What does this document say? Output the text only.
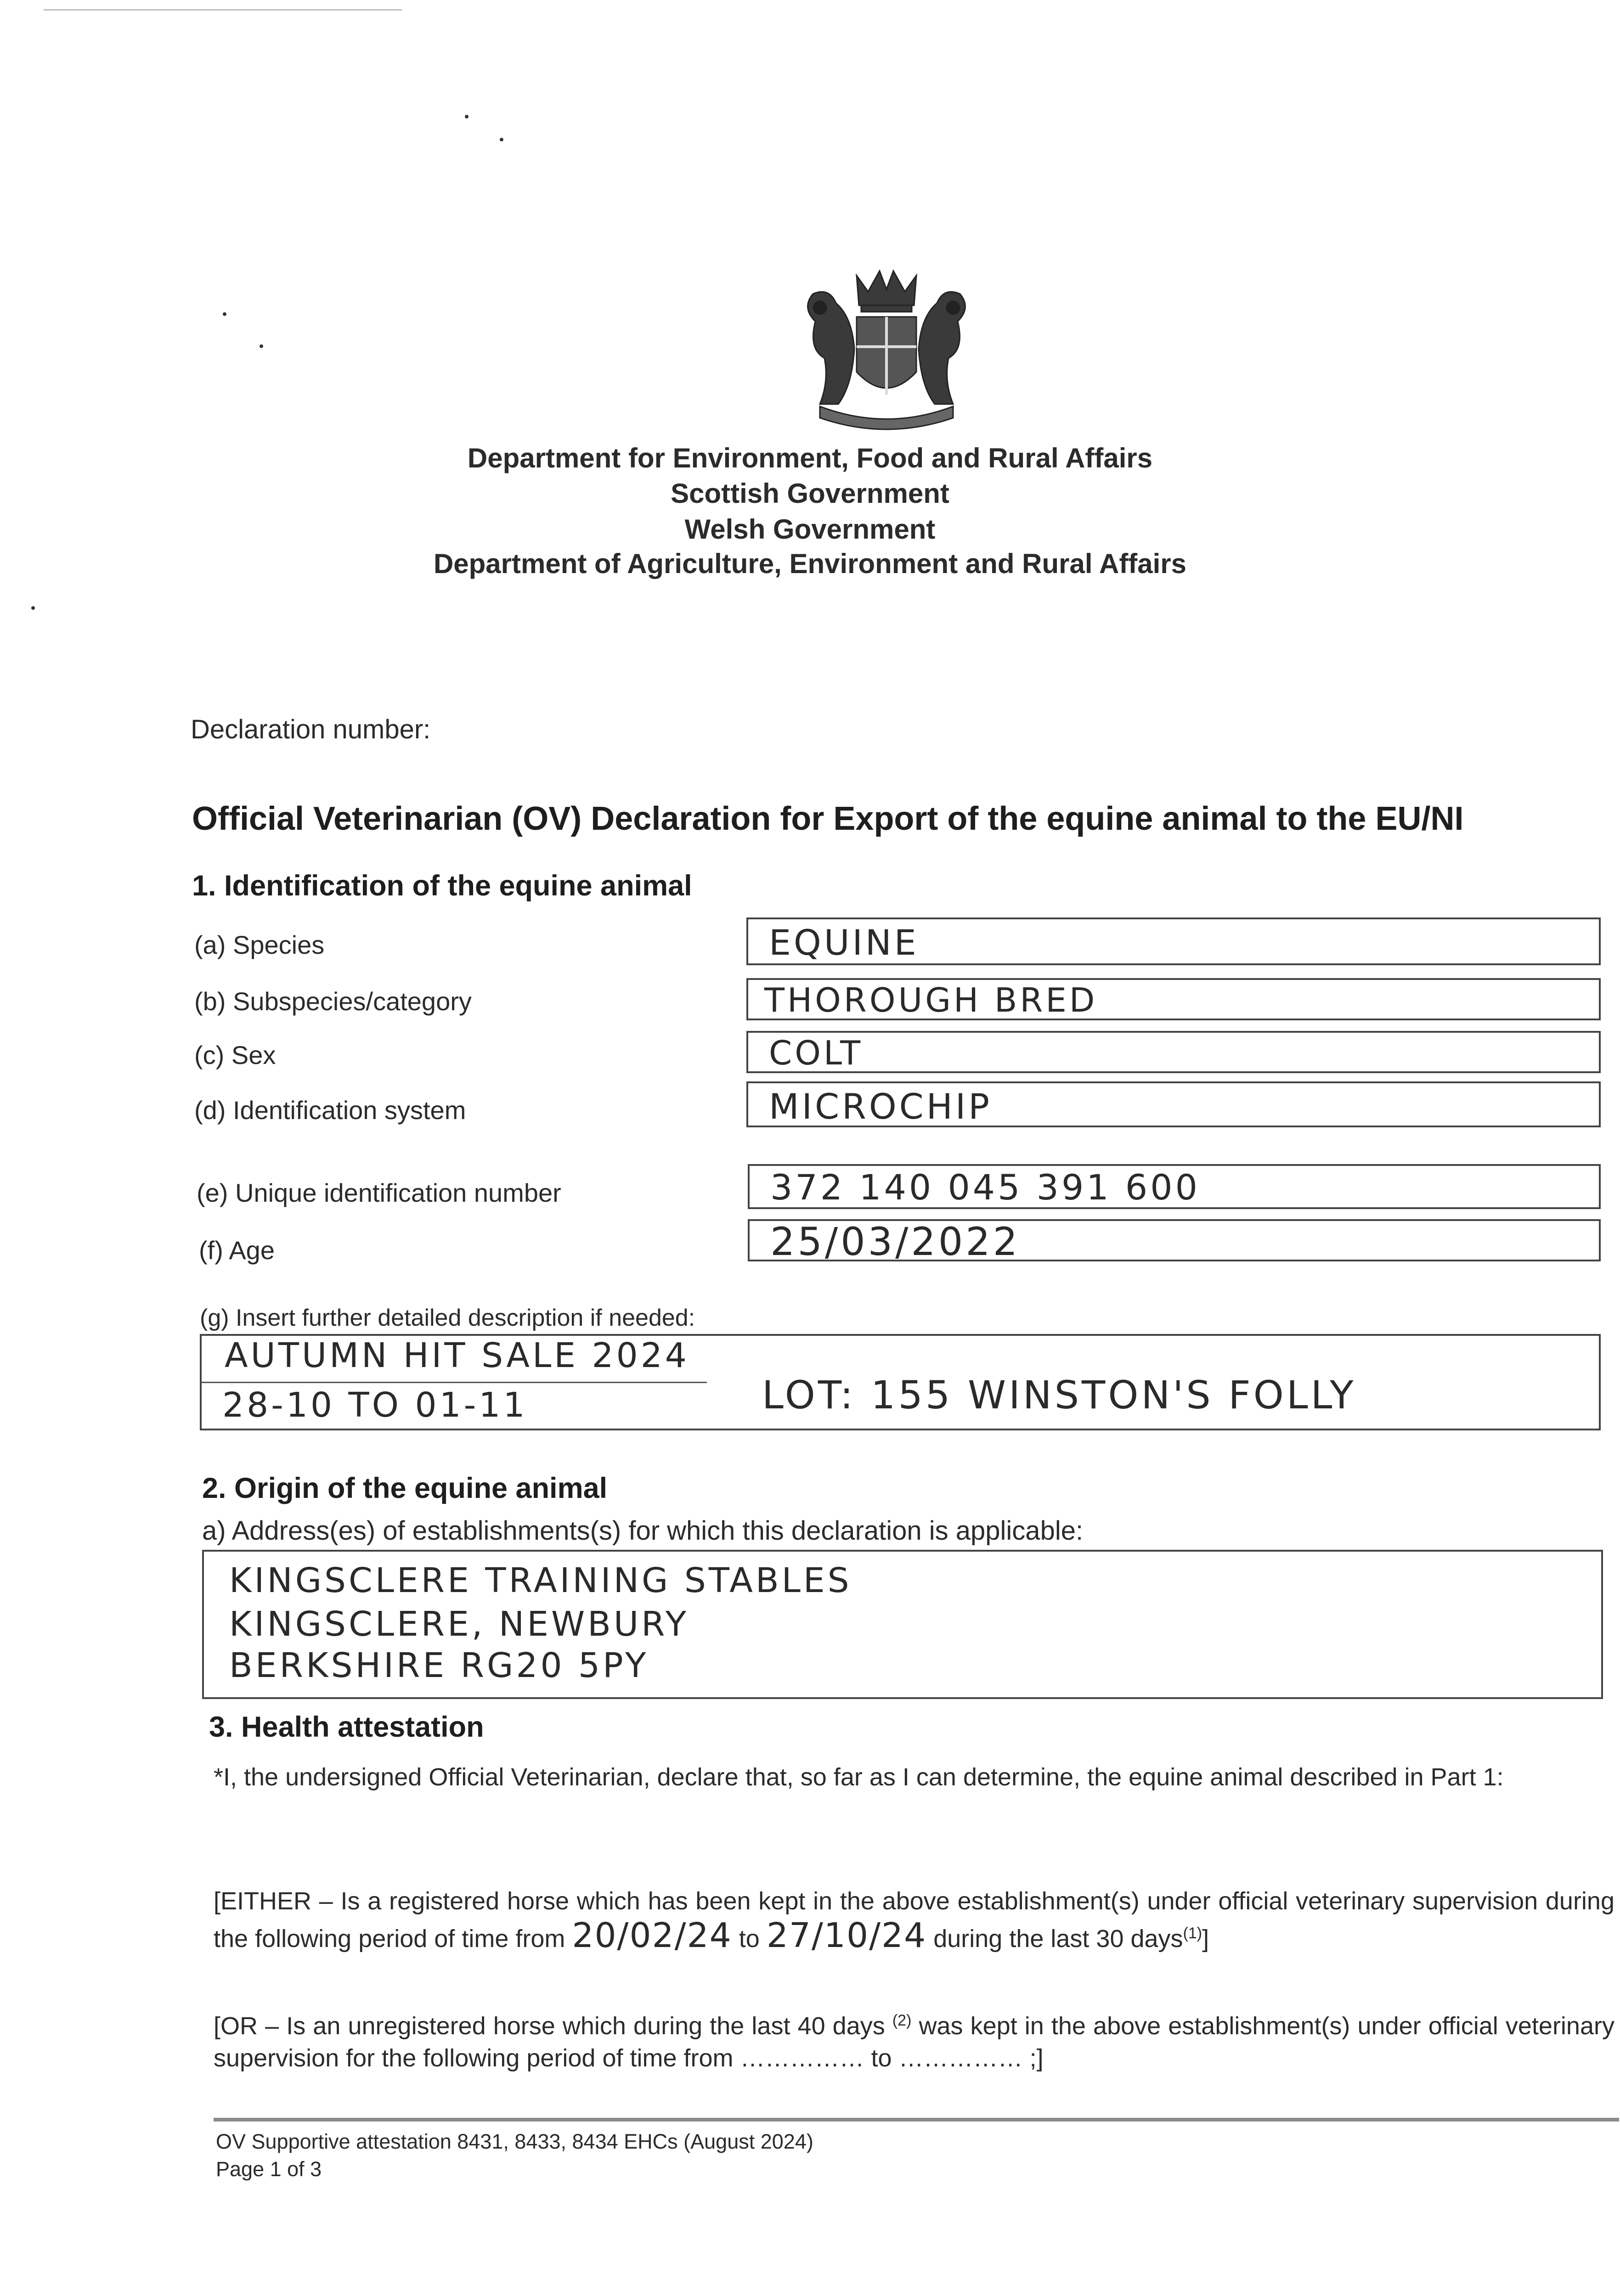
Department for Environment, Food and Rural Affairs
Scottish Government
Welsh Government
Department of Agriculture, Environment and Rural Affairs
Declaration number:
Official Veterinarian (OV) Declaration for Export of the equine animal to the EU/NI
1. Identification of the equine animal
(a) Species	EQUINE
(b) Subspecies/category	THOROUGH BRED
(c) Sex	COLT
(d) Identification system	MICROCHIP
(e) Unique identification number	372 140 045 391 600
(f) Age	25/03/2022
(g) Insert further detailed description if needed:
AUTUMN HIT SALE 2024
28-10 TO 01-11	LOT: 155 WINSTON'S FOLLY
2. Origin of the equine animal
a) Address(es) of establishments(s) for which this declaration is applicable:
KINGSCLERE TRAINING STABLES
KINGSCLERE, NEWBURY
BERKSHIRE RG20 5PY
3. Health attestation
*I, the undersigned Official Veterinarian, declare that, so far as I can determine, the equine animal described in Part 1:
[EITHER – Is a registered horse which has been kept in the above establishment(s) under official veterinary supervision during the following period of time from 20/02/24 to 27/10/24 during the last 30 days$^{(1)}$]
[OR – Is an unregistered horse which during the last 40 days $^{(2)}$ was kept in the above establishment(s) under official veterinary supervision for the following period of time from …………… to …………… ;]
OV Supportive attestation 8431, 8433, 8434 EHCs (August 2024)
Page 1 of 3
